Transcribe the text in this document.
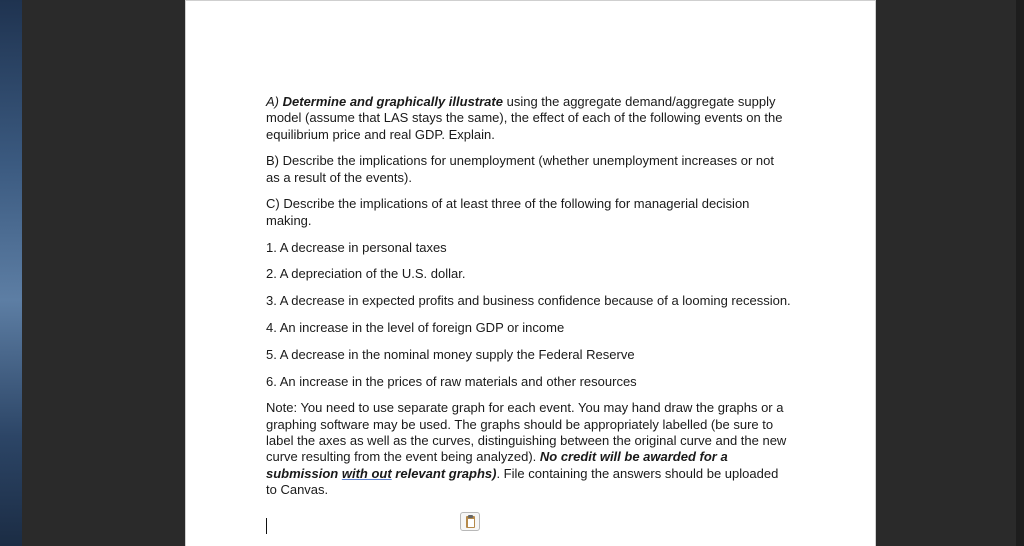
A) Determine and graphically illustrate using the aggregate demand/aggregate supply model (assume that LAS stays the same), the effect of each of the following events on the equilibrium price and real GDP. Explain.

B) Describe the implications for unemployment (whether unemployment increases or not as a result of the events).

C) Describe the implications of at least three of the following for managerial decision making.

1. A decrease in personal taxes

2. A depreciation of the U.S. dollar.

3. A decrease in expected profits and business confidence because of a looming recession.

4. An increase in the level of foreign GDP or income

5. A decrease in the nominal money supply the Federal Reserve

6. An increase in the prices of raw materials and other resources

Note: You need to use separate graph for each event. You may hand draw the graphs or a graphing software may be used. The graphs should be appropriately labelled (be sure to label the axes as well as the curves, distinguishing between the original curve and the new curve resulting from the event being analyzed). No credit will be awarded for a submission with out relevant graphs). File containing the answers should be uploaded to Canvas.
